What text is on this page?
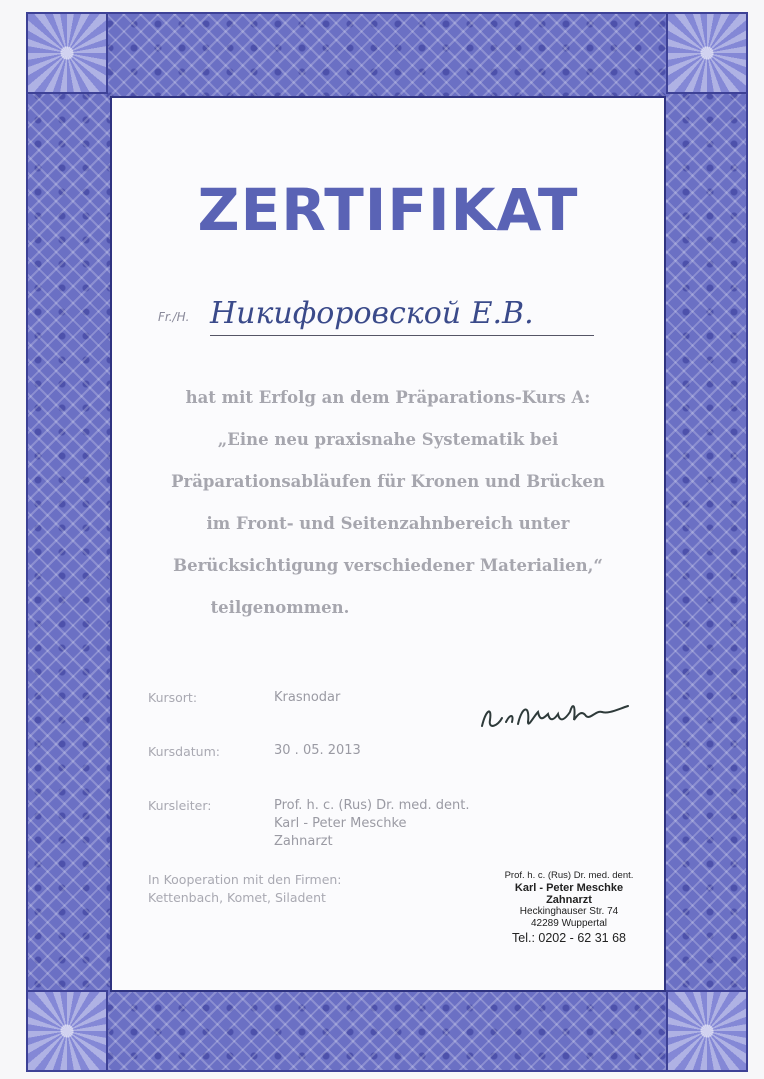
ZERTIFIKAT
Fr./H. Никифоровской Е.В.
hat mit Erfolg an dem Präparations-Kurs A:
„Eine neu praxisnahe Systematik bei
Präparationsabläufen für Kronen und Brücken
im Front- und Seitenzahnbereich unter
Berücksichtigung verschiedener Materialien,“
teilgenommen.
Kursort:	Krasnodar
Kursdatum:	30 . 05. 2013
Kursleiter:	Prof. h. c. (Rus) Dr. med. dent.
Karl - Peter Meschke
Zahnarzt
In Kooperation mit den Firmen:
Kettenbach, Komet, Siladent
Prof. h. c. (Rus) Dr. med. dent.
Karl - Peter Meschke
Zahnarzt
Heckinghauser Str. 74
42289 Wuppertal
Tel.: 0202 - 62 31 68
